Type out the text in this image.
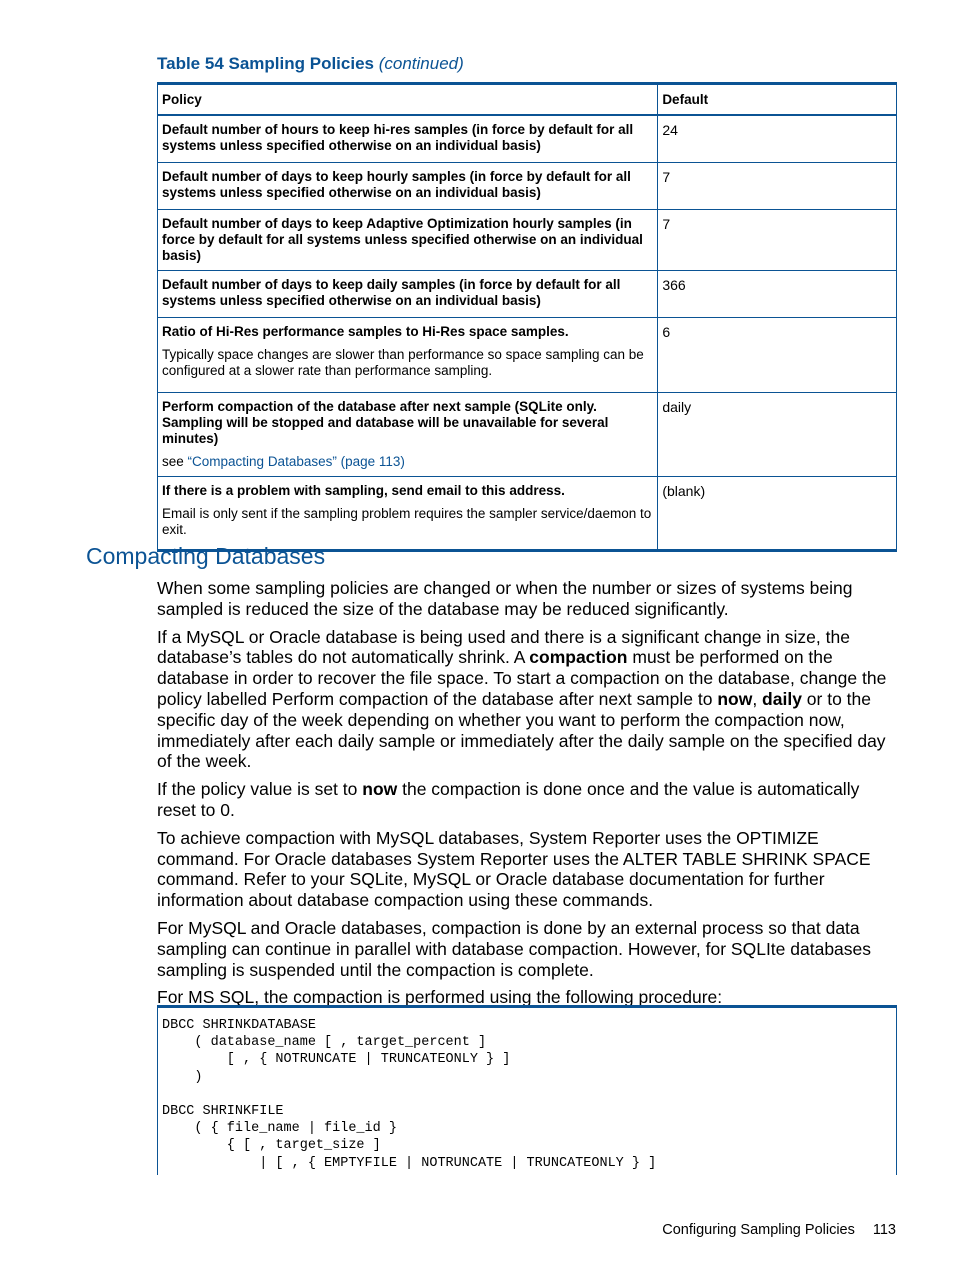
Table 54 Sampling Policies (continued)
Policy	Default

Default number of hours to keep hi-res samples (in force by default for all systems unless specified otherwise on an individual basis)	24

Default number of days to keep hourly samples (in force by default for all systems unless specified otherwise on an individual basis)	7

Default number of days to keep Adaptive Optimization hourly samples (in force by default for all systems unless specified otherwise on an individual basis)	7

Default number of days to keep daily samples (in force by default for all systems unless specified otherwise on an individual basis)	366

Ratio of Hi-Res performance samples to Hi-Res space samples.
Typically space changes are slower than performance so space sampling can be configured at a slower rate than performance sampling.	6

Perform compaction of the database after next sample (SQLite only. Sampling will be stopped and database will be unavailable for several minutes)
see “Compacting Databases” (page 113)	daily

If there is a problem with sampling, send email to this address.
Email is only sent if the sampling problem requires the sampler service/daemon to exit.	(blank)
Compacting Databases

When some sampling policies are changed or when the number or sizes of systems being sampled is reduced the size of the database may be reduced significantly.

If a MySQL or Oracle database is being used and there is a significant change in size, the database’s tables do not automatically shrink. A compaction must be performed on the database in order to recover the file space. To start a compaction on the database, change the policy labelled Perform compaction of the database after next sample to now, daily or to the specific day of the week depending on whether you want to perform the compaction now, immediately after each daily sample or immediately after the daily sample on the specified day of the week.

If the policy value is set to now the compaction is done once and the value is automatically reset to 0.

To achieve compaction with MySQL databases, System Reporter uses the OPTIMIZE command. For Oracle databases System Reporter uses the ALTER TABLE SHRINK SPACE command. Refer to your SQLite, MySQL or Oracle database documentation for further information about database compaction using these commands.

For MySQL and Oracle databases, compaction is done by an external process so that data sampling can continue in parallel with database compaction. However, for SQLIte databases sampling is suspended until the compaction is complete.

For MS SQL, the compaction is performed using the following procedure:

DBCC SHRINKDATABASE
( database_name [ , target_percent ]
[ , { NOTRUNCATE | TRUNCATEONLY } ]
)

DBCC SHRINKFILE
( { file_name | file_id }
{ [ , target_size ]
| [ , { EMPTYFILE | NOTRUNCATE | TRUNCATEONLY } ]
Configuring Sampling Policies 113
